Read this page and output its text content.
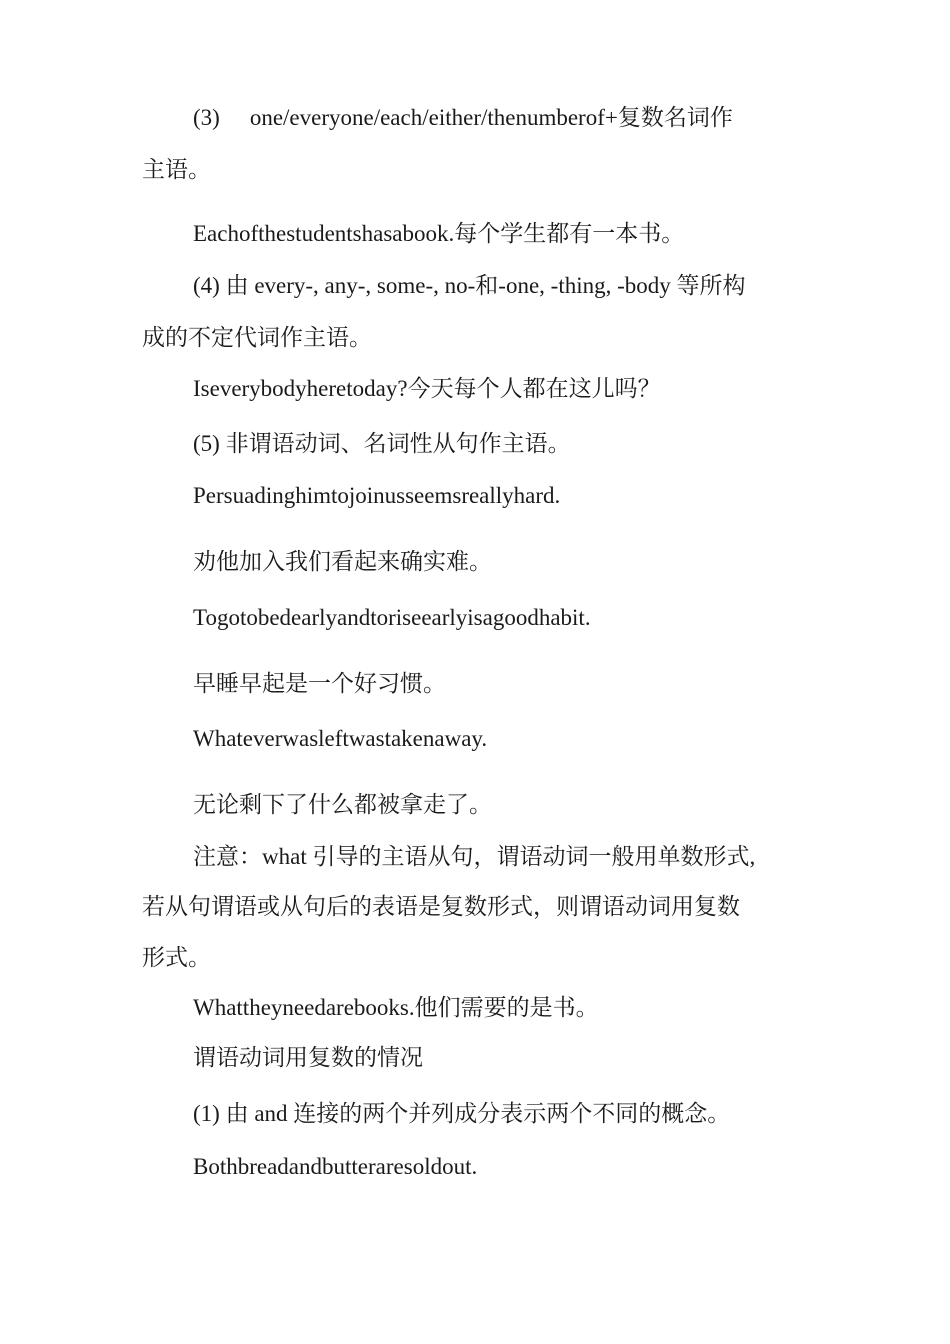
(3) one/everyone/each/either/thenumberof+复数名词作

主语。

Eachofthestudentshasabook.每个学生都有一本书。

(4) 由 every-, any-, some-, no-和-one, -thing, -body 等所构

成的不定代词作主语。

Iseverybodyheretoday?今天每个人都在这儿吗？

(5) 非谓语动词、名词性从句作主语。

Persuadinghimtojoinusseemsreallyhard.

劝他加入我们看起来确实难。

Togotobedearlyandtoriseearlyisagoodhabit.

早睡早起是一个好习惯。

Whateverwasleftwastakenaway.

无论剩下了什么都被拿走了。

注意：what 引导的主语从句，谓语动词一般用单数形式,

若从句谓语或从句后的表语是复数形式，则谓语动词用复数

形式。

Whattheyneedarebooks.他们需要的是书。

谓语动词用复数的情况

(1) 由 and 连接的两个并列成分表示两个不同的概念。

Bothbreadandbutteraresoldout.
